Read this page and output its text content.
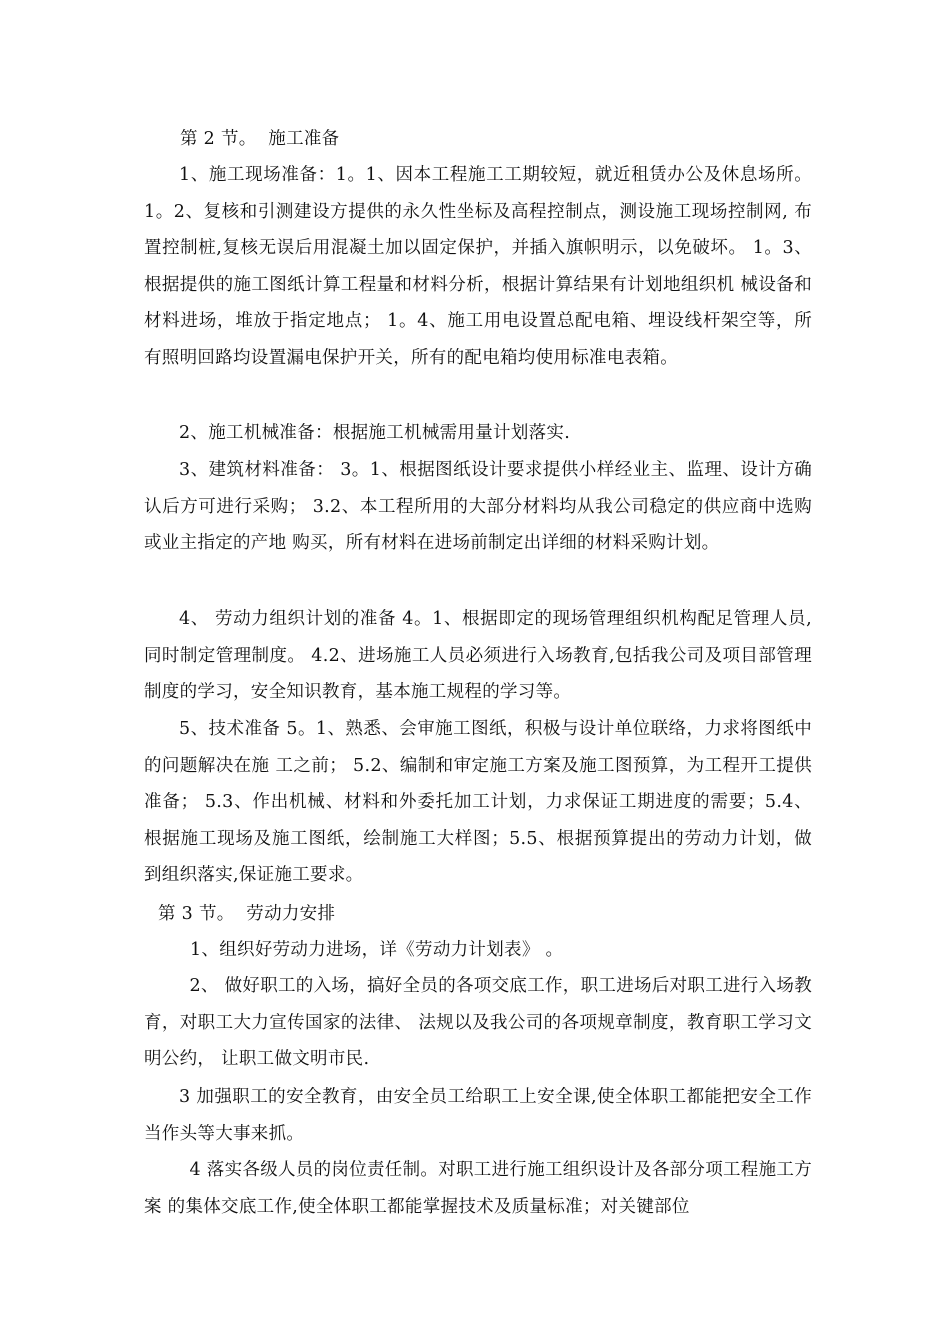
第 2 节。  施工准备

1、施工现场准备：1。1、因本工程施工工期较短，就近租赁办公及休息场所。 1。2、复核和引测建设方提供的永久性坐标及高程控制点，测设施工现场控制网, 布置控制桩,复核无误后用混凝土加以固定保护，并插入旗帜明示，以免破坏。 1。3、根据提供的施工图纸计算工程量和材料分析，根据计算结果有计划地组织机 械设备和材料进场，堆放于指定地点； 1。4、施工用电设置总配电箱、埋设线杆架空等，所有照明回路均设置漏电保护开关，所有的配电箱均使用标准电表箱。

2、施工机械准备：根据施工机械需用量计划落实.

3、建筑材料准备： 3。1、根据图纸设计要求提供小样经业主、监理、设计方确认后方可进行采购； 3.2、本工程所用的大部分材料均从我公司稳定的供应商中选购或业主指定的产地 购买，所有材料在进场前制定出详细的材料采购计划。

4、 劳动力组织计划的准备 4。1、根据即定的现场管理组织机构配足管理人员,同时制定管理制度。 4.2、进场施工人员必须进行入场教育,包括我公司及项目部管理制度的学习，安全知识教育，基本施工规程的学习等。

5、技术准备 5。1、熟悉、会审施工图纸，积极与设计单位联络，力求将图纸中的问题解决在施 工之前； 5.2、编制和审定施工方案及施工图预算，为工程开工提供准备； 5.3、作出机械、材料和外委托加工计划，力求保证工期进度的需要；5.4、根据施工现场及施工图纸，绘制施工大样图；5.5、根据预算提出的劳动力计划，做到组织落实,保证施工要求。

第 3 节。  劳动力安排

1、组织好劳动力进场，详《劳动力计划表》 。

2、 做好职工的入场，搞好全员的各项交底工作，职工进场后对职工进行入场教育，对职工大力宣传国家的法律、 法规以及我公司的各项规章制度，教育职工学习文明公约， 让职工做文明市民.

3 加强职工的安全教育，由安全员工给职工上安全课,使全体职工都能把安全工作 当作头等大事来抓。

4 落实各级人员的岗位责任制。对职工进行施工组织设计及各部分项工程施工方案 的集体交底工作,使全体职工都能掌握技术及质量标准；对关键部位
